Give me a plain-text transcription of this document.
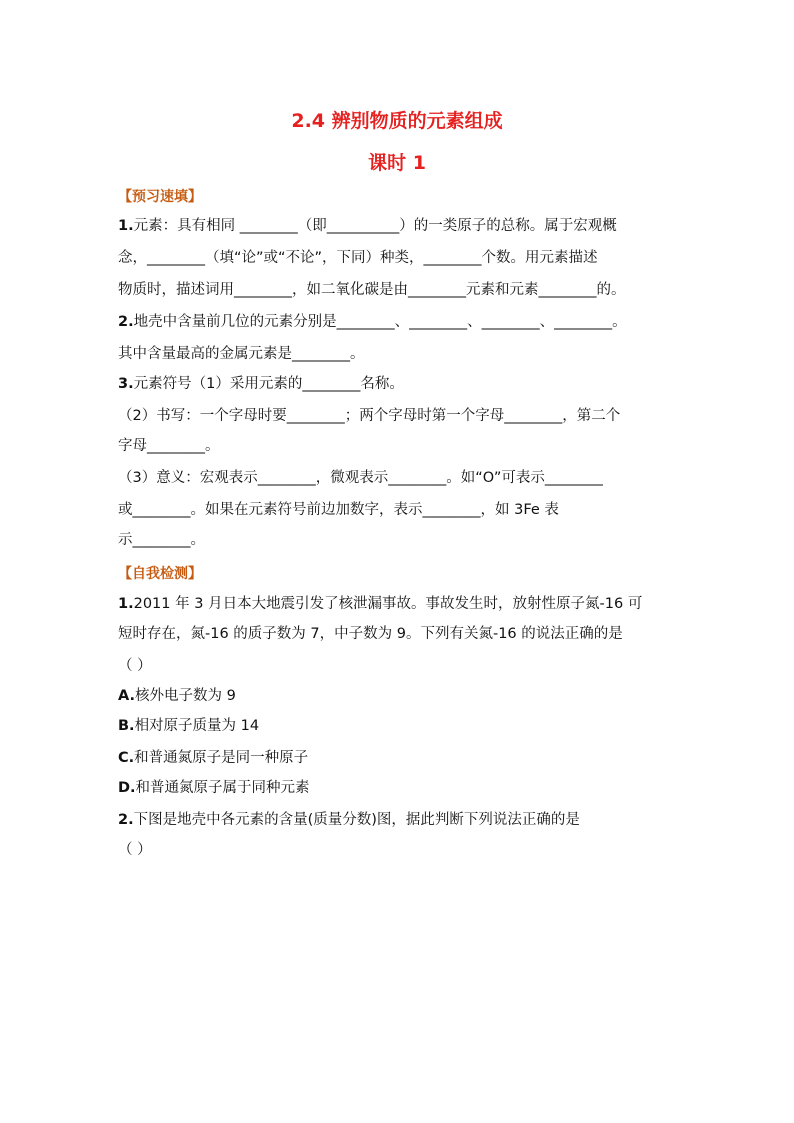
2.4 辨别物质的元素组成
课时 1
【预习速填】
1.元素：具有相同 ________（即__________）的一类原子的总称。属于宏观概
念，________（填“论”或“不论”，下同）种类，________个数。用元素描述
物质时，描述词用________，如二氧化碳是由________元素和元素________的。
2.地壳中含量前几位的元素分别是________、________、________、________。
其中含量最高的金属元素是________。
3.元素符号（1）采用元素的________名称。
（2）书写：一个字母时要________；两个字母时第一个字母________，第二个
字母________。
（3）意义：宏观表示________，微观表示________。如“O”可表示________
或________。如果在元素符号前边加数字，表示________，如 3Fe 表
示________。
【自我检测】
1.2011 年 3 月日本大地震引发了核泄漏事故。事故发生时，放射性原子氮-16 可
短时存在，氮-16 的质子数为 7，中子数为 9。下列有关氮-16 的说法正确的是
（ ）
A.核外电子数为 9
B.相对原子质量为 14
C.和普通氮原子是同一种原子
D.和普通氮原子属于同种元素
2.下图是地壳中各元素的含量(质量分数)图，据此判断下列说法正确的是
（ ）
